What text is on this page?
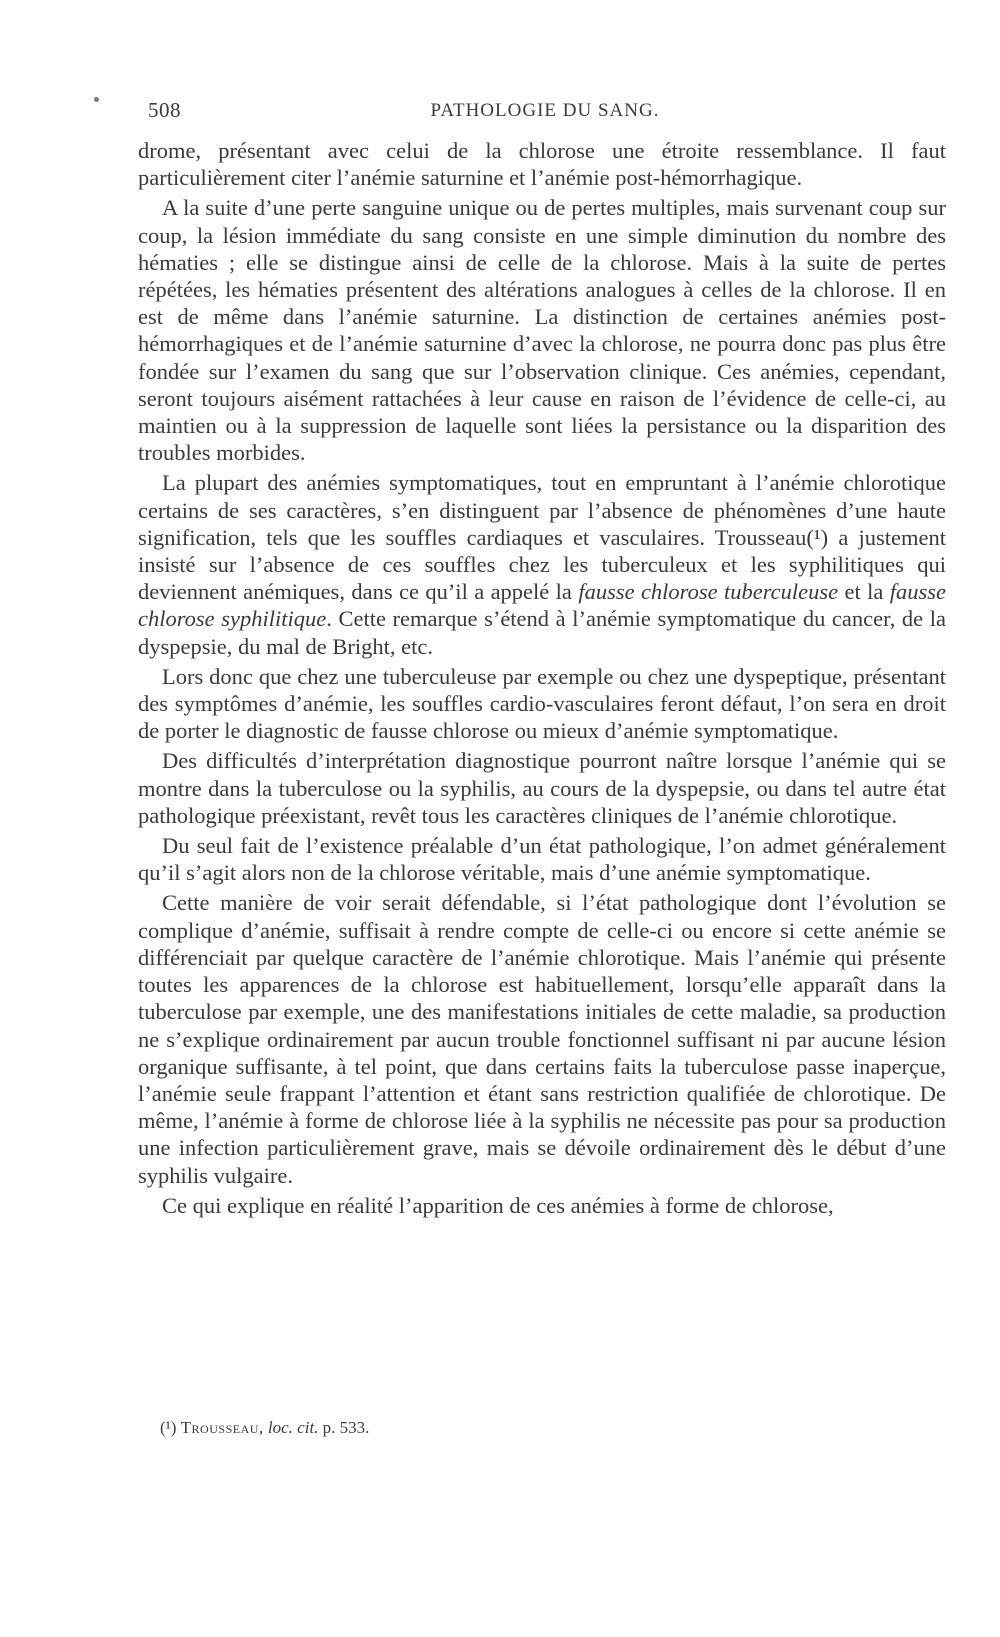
508	PATHOLOGIE DU SANG.

drome, présentant avec celui de la chlorose une étroite ressemblance. Il faut particulièrement citer l’anémie saturnine et l’anémie post-hémorrhagique.

A la suite d’une perte sanguine unique ou de pertes multiples, mais survenant coup sur coup, la lésion immédiate du sang consiste en une simple diminution du nombre des hématies ; elle se distingue ainsi de celle de la chlorose. Mais à la suite de pertes répétées, les hématies présentent des altérations analogues à celles de la chlorose. Il en est de même dans l’anémie saturnine. La distinction de certaines anémies post-hémorrhagiques et de l’anémie saturnine d’avec la chlorose, ne pourra donc pas plus être fondée sur l’examen du sang que sur l’observation clinique. Ces anémies, cependant, seront toujours aisément rattachées à leur cause en raison de l’évidence de celle-ci, au maintien ou à la suppression de laquelle sont liées la persistance ou la disparition des troubles morbides.

La plupart des anémies symptomatiques, tout en empruntant à l’anémie chlorotique certains de ses caractères, s’en distinguent par l’absence de phénomènes d’une haute signification, tels que les souffles cardiaques et vasculaires. Trousseau(¹) a justement insisté sur l’absence de ces souffles chez les tuberculeux et les syphilitiques qui deviennent anémiques, dans ce qu’il a appelé la fausse chlorose tuberculeuse et la fausse chlorose syphilitique. Cette remarque s’étend à l’anémie symptomatique du cancer, de la dyspepsie, du mal de Bright, etc.

Lors donc que chez une tuberculeuse par exemple ou chez une dyspeptique, présentant des symptômes d’anémie, les souffles cardio-vasculaires feront défaut, l’on sera en droit de porter le diagnostic de fausse chlorose ou mieux d’anémie symptomatique.

Des difficultés d’interprétation diagnostique pourront naître lorsque l’anémie qui se montre dans la tuberculose ou la syphilis, au cours de la dyspepsie, ou dans tel autre état pathologique préexistant, revêt tous les caractères cliniques de l’anémie chlorotique.

Du seul fait de l’existence préalable d’un état pathologique, l’on admet généralement qu’il s’agit alors non de la chlorose véritable, mais d’une anémie symptomatique.

Cette manière de voir serait défendable, si l’état pathologique dont l’évolution se complique d’anémie, suffisait à rendre compte de celle-ci ou encore si cette anémie se différenciait par quelque caractère de l’anémie chlorotique. Mais l’anémie qui présente toutes les apparences de la chlorose est habituellement, lorsqu’elle apparaît dans la tuberculose par exemple, une des manifestations initiales de cette maladie, sa production ne s’explique ordinairement par aucun trouble fonctionnel suffisant ni par aucune lésion organique suffisante, à tel point, que dans certains faits la tuberculose passe inaperçue, l’anémie seule frappant l’attention et étant sans restriction qualifiée de chlorotique. De même, l’anémie à forme de chlorose liée à la syphilis ne nécessite pas pour sa production une infection particulièrement grave, mais se dévoile ordinairement dès le début d’une syphilis vulgaire.

Ce qui explique en réalité l’apparition de ces anémies à forme de chlorose,

(¹) Trousseau, loc. cit. p. 533.
